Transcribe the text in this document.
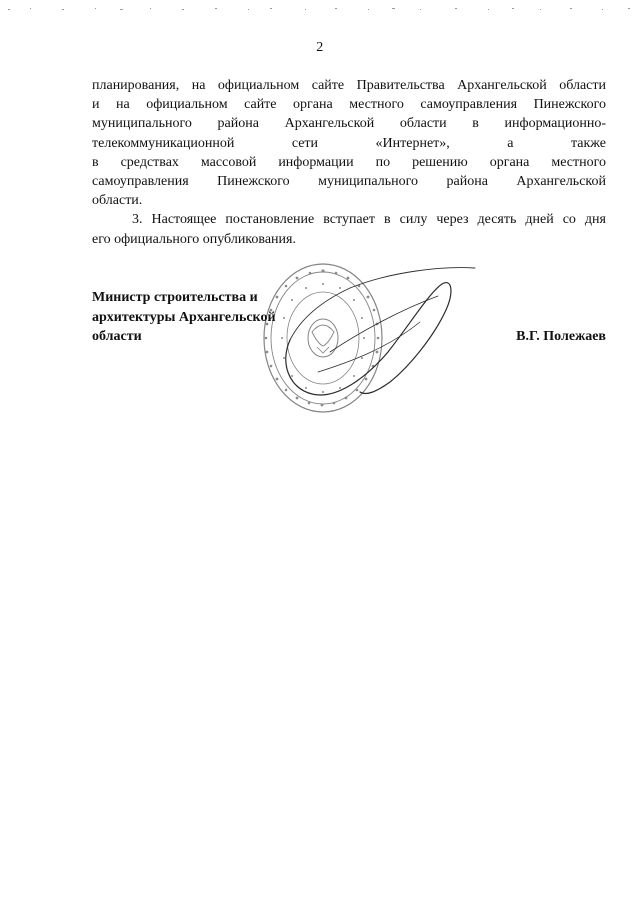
2
планирования, на официальном сайте Правительства Архангельской области
и на официальном сайте органа местного самоуправления Пинежского
муниципального района Архангельской области в информационно-
телекоммуникационной сети «Интернет», а также
в средствах массовой информации по решению органа местного
самоуправления Пинежского муниципального района Архангельской
области.
3. Настоящее постановление вступает в силу через десять дней со дня
его официального опубликования.
Министр строительства и
архитектуры Архангельской
области	В.Г. Полежаев
